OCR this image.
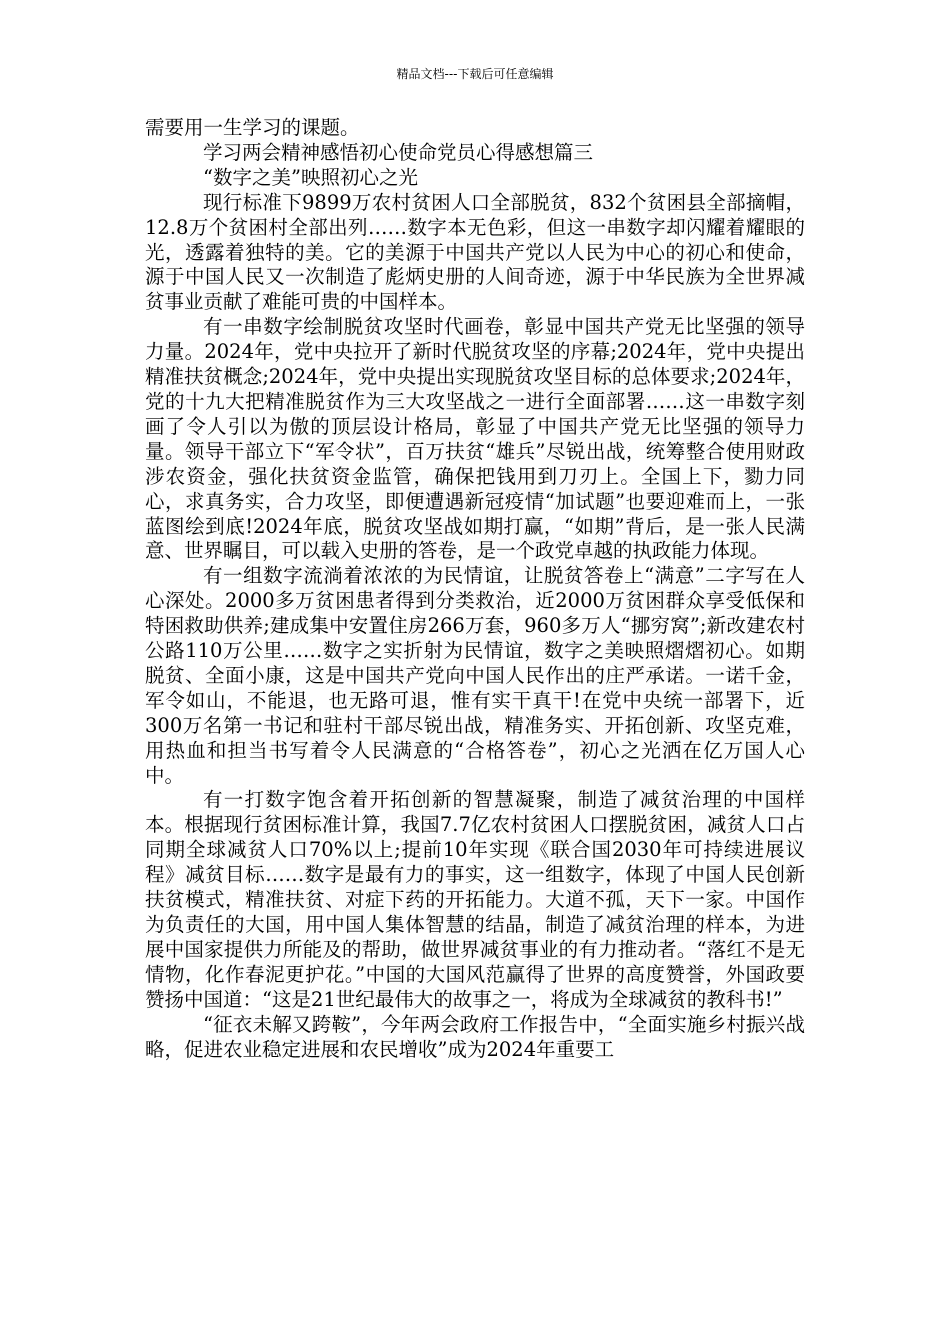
精品文档---下载后可任意编辑

需要用一生学习的课题。

学习两会精神感悟初心使命党员心得感想篇三

“数字之美”映照初心之光

现行标准下9899万农村贫困人口全部脱贫，832个贫困县全部摘帽，12.8万个贫困村全部出列……数字本无色彩，但这一串数字却闪耀着耀眼的光，透露着独特的美。它的美源于中国共产党以人民为中心的初心和使命，源于中国人民又一次制造了彪炳史册的人间奇迹，源于中华民族为全世界减贫事业贡献了难能可贵的中国样本。

有一串数字绘制脱贫攻坚时代画卷，彰显中国共产党无比坚强的领导力量。2024年，党中央拉开了新时代脱贫攻坚的序幕;2024年，党中央提出精准扶贫概念;2024年，党中央提出实现脱贫攻坚目标的总体要求;2024年，党的十九大把精准脱贫作为三大攻坚战之一进行全面部署……这一串数字刻画了令人引以为傲的顶层设计格局，彰显了中国共产党无比坚强的领导力量。领导干部立下“军令状”，百万扶贫“雄兵”尽锐出战，统筹整合使用财政涉农资金，强化扶贫资金监管，确保把钱用到刀刃上。全国上下，勠力同心，求真务实，合力攻坚，即便遭遇新冠疫情“加试题”也要迎难而上，一张蓝图绘到底!2024年底，脱贫攻坚战如期打赢，“如期”背后，是一张人民满意、世界瞩目，可以载入史册的答卷，是一个政党卓越的执政能力体现。

有一组数字流淌着浓浓的为民情谊，让脱贫答卷上“满意”二字写在人心深处。2000多万贫困患者得到分类救治，近2000万贫困群众享受低保和特困救助供养;建成集中安置住房266万套，960多万人“挪穷窝”;新改建农村公路110万公里……数字之实折射为民情谊，数字之美映照熠熠初心。如期脱贫、全面小康，这是中国共产党向中国人民作出的庄严承诺。一诺千金，军令如山，不能退，也无路可退，惟有实干真干!在党中央统一部署下，近300万名第一书记和驻村干部尽锐出战，精准务实、开拓创新、攻坚克难，用热血和担当书写着令人民满意的“合格答卷”，初心之光洒在亿万国人心中。

有一打数字饱含着开拓创新的智慧凝聚，制造了减贫治理的中国样本。根据现行贫困标准计算，我国7.7亿农村贫困人口摆脱贫困，减贫人口占同期全球减贫人口70%以上;提前10年实现《联合国2030年可持续进展议程》减贫目标……数字是最有力的事实，这一组数字，体现了中国人民创新扶贫模式，精准扶贫、对症下药的开拓能力。大道不孤，天下一家。中国作为负责任的大国，用中国人集体智慧的结晶，制造了减贫治理的样本，为进展中国家提供力所能及的帮助，做世界减贫事业的有力推动者。“落红不是无情物，化作春泥更护花。”中国的大国风范赢得了世界的高度赞誉，外国政要赞扬中国道：“这是21世纪最伟大的故事之一，将成为全球减贫的教科书!”

“征衣未解又跨鞍”，今年两会政府工作报告中，“全面实施乡村振兴战略，促进农业稳定进展和农民增收”成为2024年重要工
